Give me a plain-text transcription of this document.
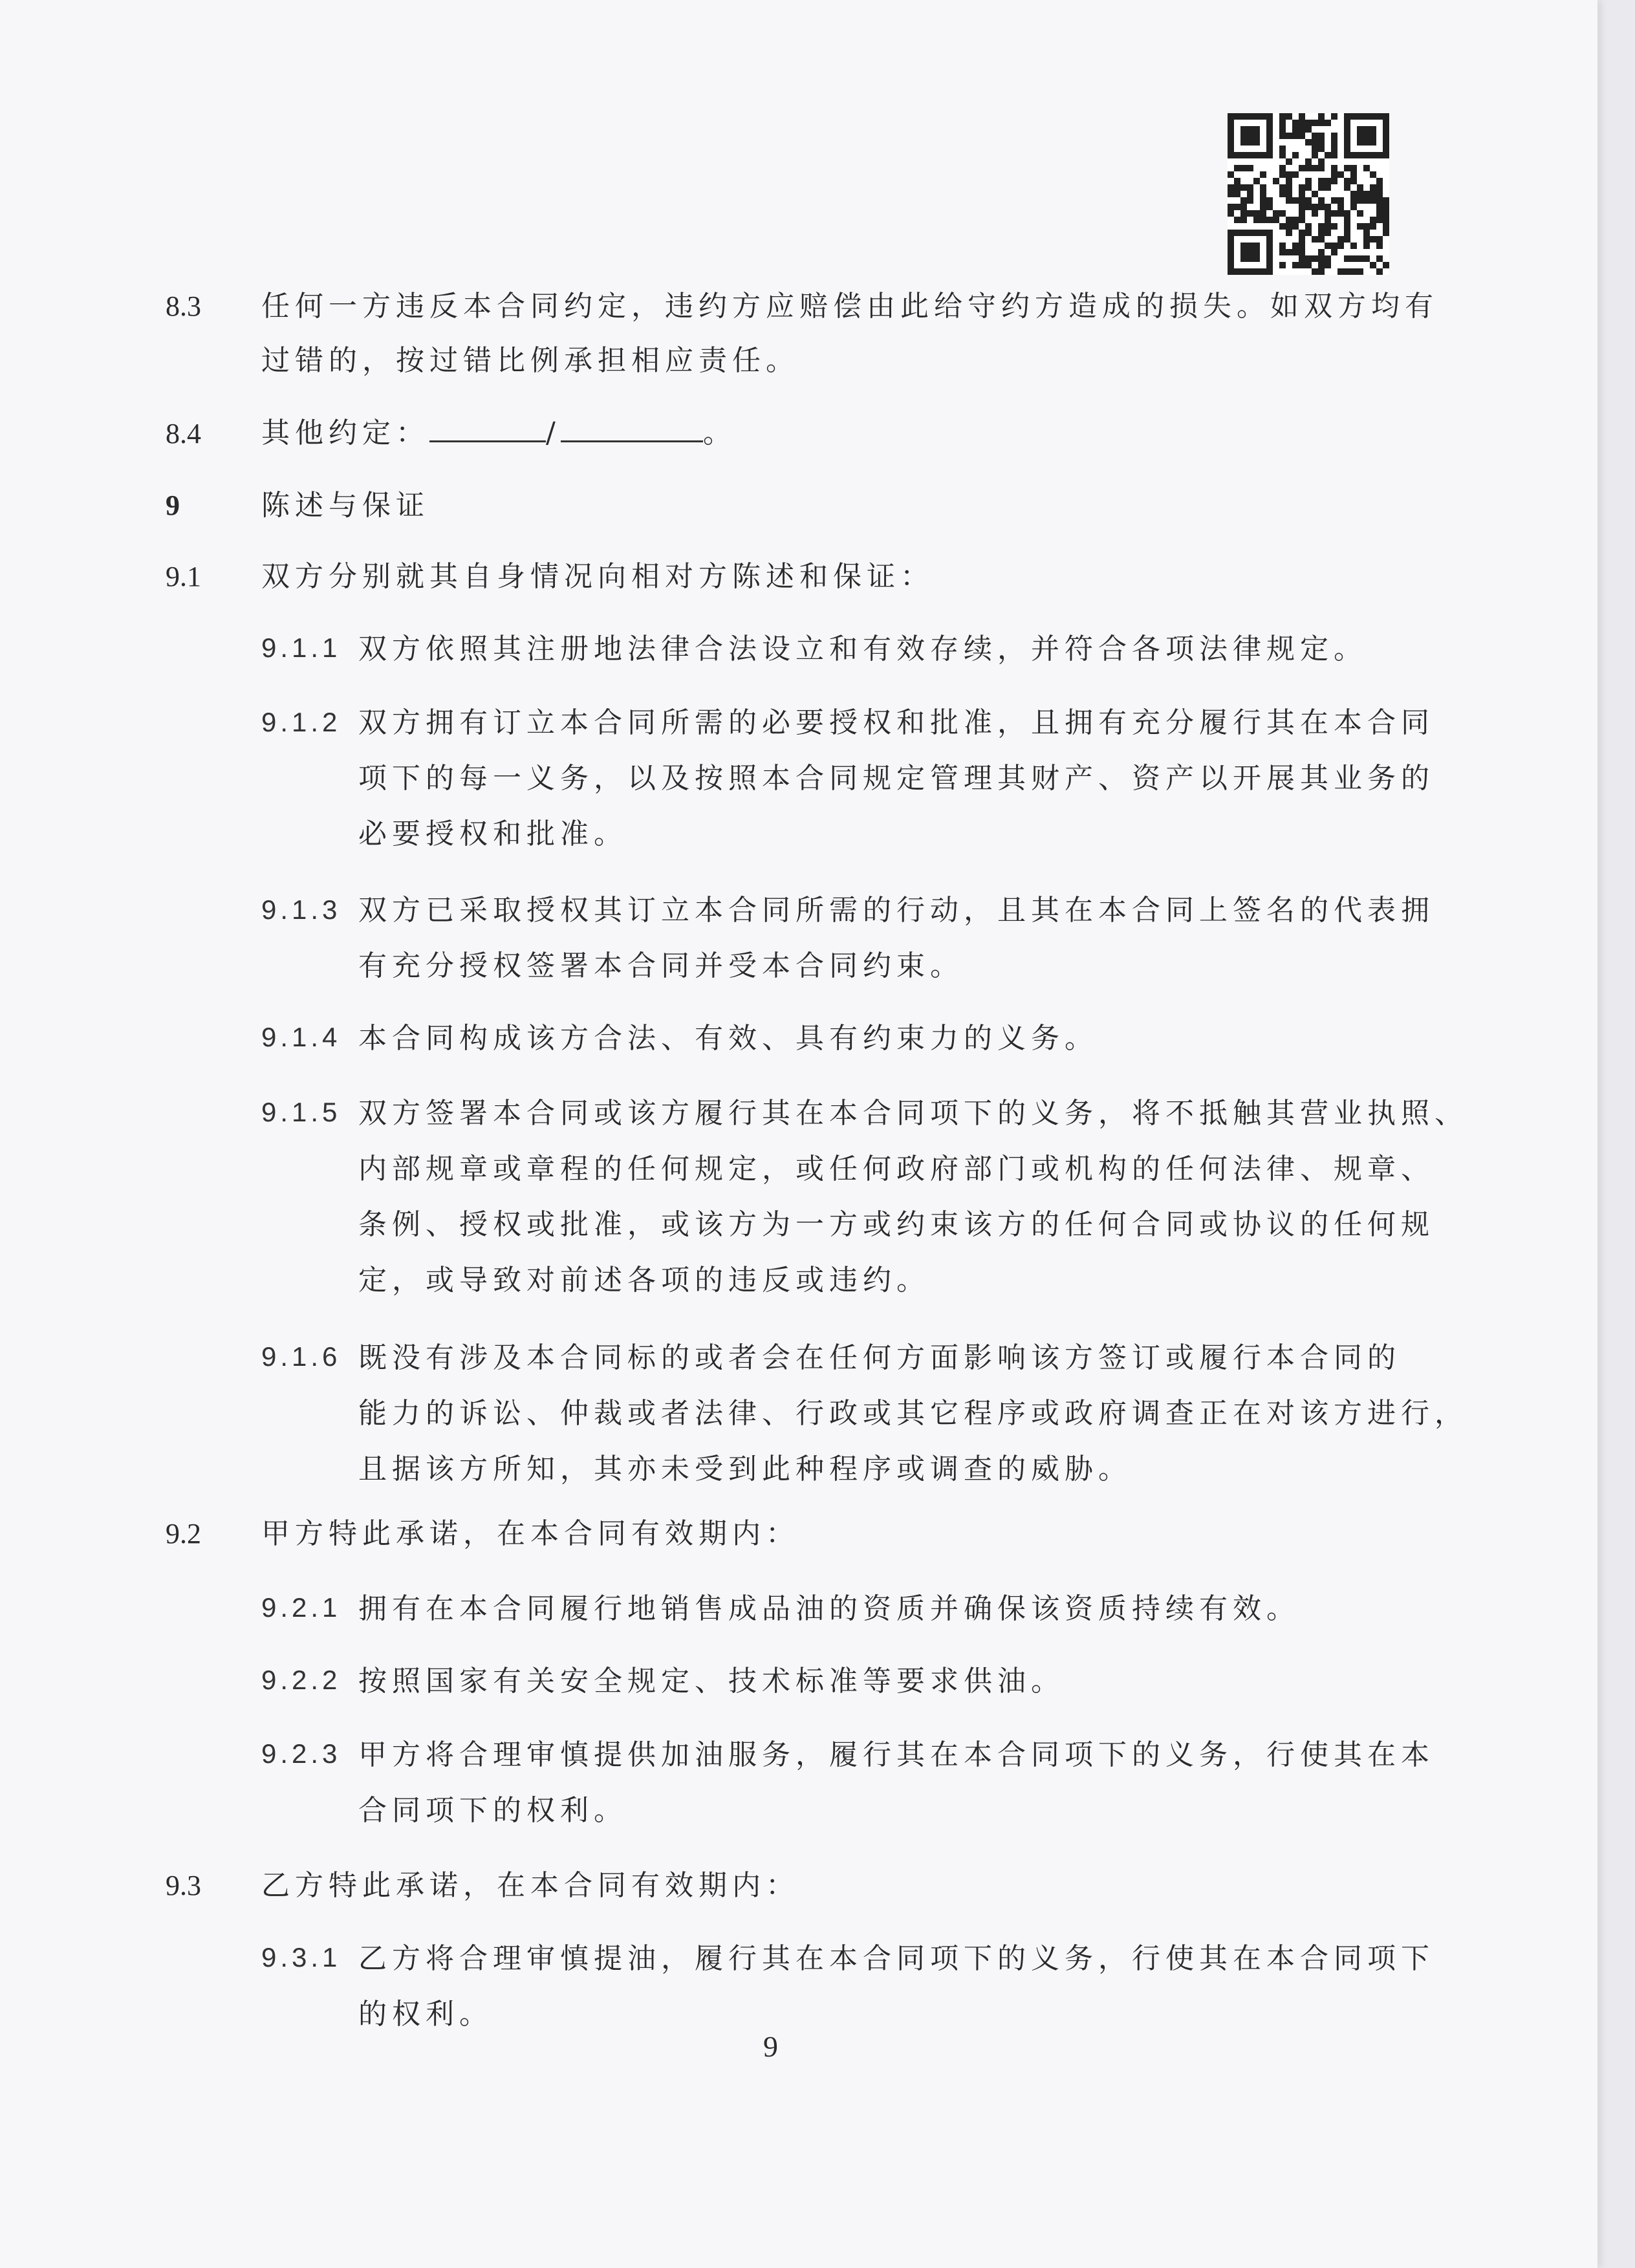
8.3 任何一方违反本合同约定，违约方应赔偿由此给守约方造成的损失。如双方均有
过错的，按过错比例承担相应责任。
8.4 其他约定：	/	。
9	陈述与保证
9.1 双方分别就其自身情况向相对方陈述和保证：
9.1.1 双方依照其注册地法律合法设立和有效存续，并符合各项法律规定。
9.1.2 双方拥有订立本合同所需的必要授权和批准，且拥有充分履行其在本合同
项下的每一义务，以及按照本合同规定管理其财产、资产以开展其业务的
必要授权和批准。
9.1.3 双方已采取授权其订立本合同所需的行动，且其在本合同上签名的代表拥
有充分授权签署本合同并受本合同约束。
9.1.4 本合同构成该方合法、有效、具有约束力的义务。
9.1.5 双方签署本合同或该方履行其在本合同项下的义务，将不抵触其营业执照、
内部规章或章程的任何规定，或任何政府部门或机构的任何法律、规章、
条例、授权或批准，或该方为一方或约束该方的任何合同或协议的任何规
定，或导致对前述各项的违反或违约。
9.1.6 既没有涉及本合同标的或者会在任何方面影响该方签订或履行本合同的
能力的诉讼、仲裁或者法律、行政或其它程序或政府调查正在对该方进行，
且据该方所知，其亦未受到此种程序或调查的威胁。
9.2 甲方特此承诺，在本合同有效期内：
9.2.1 拥有在本合同履行地销售成品油的资质并确保该资质持续有效。
9.2.2 按照国家有关安全规定、技术标准等要求供油。
9.2.3 甲方将合理审慎提供加油服务，履行其在本合同项下的义务，行使其在本
合同项下的权利。
9.3 乙方特此承诺，在本合同有效期内：
9.3.1 乙方将合理审慎提油，履行其在本合同项下的义务，行使其在本合同项下
的权利。
9
